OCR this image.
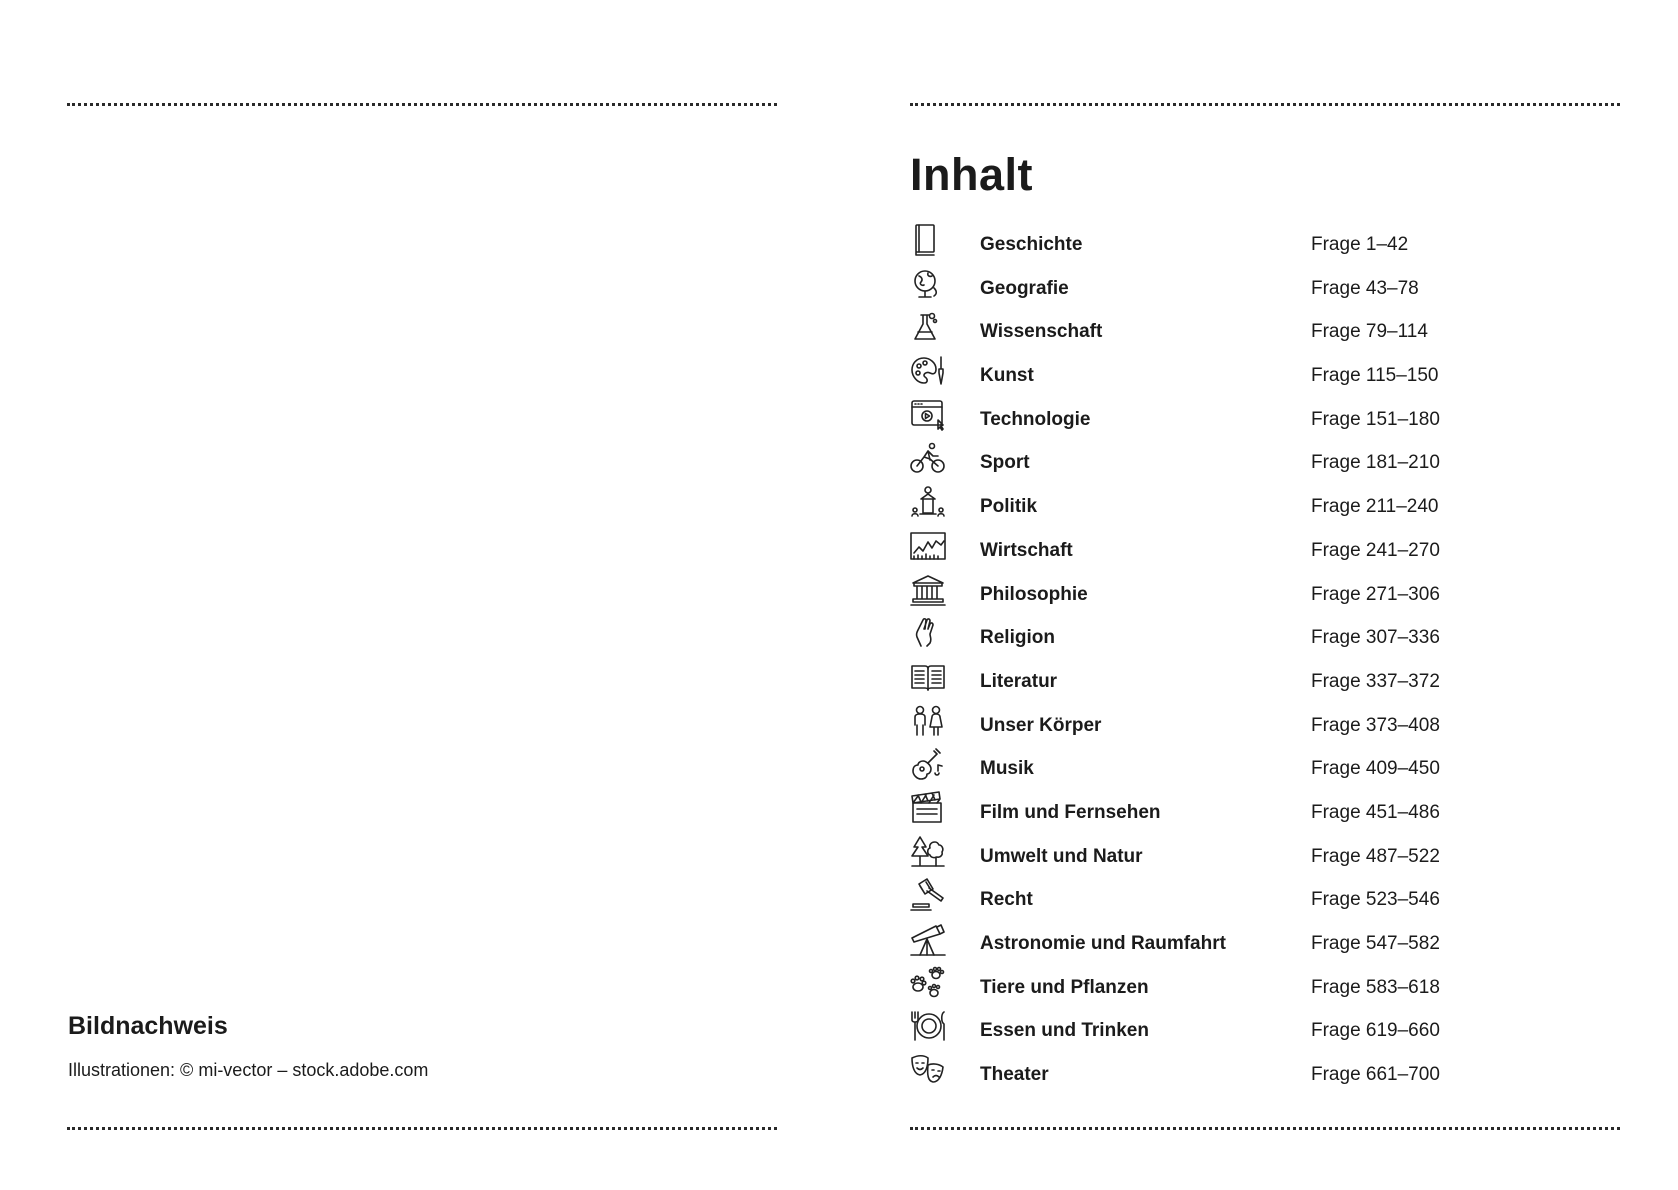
Bildnachweis
Illustrationen: © mi-vector – stock.adobe.com
Inhalt
Geschichte	Frage 1–42
Geografie	Frage 43–78
Wissenschaft	Frage 79–114
Kunst	Frage 115–150
Technologie	Frage 151–180
Sport	Frage 181–210
Politik	Frage 211–240
Wirtschaft	Frage 241–270
Philosophie	Frage 271–306
Religion	Frage 307–336
Literatur	Frage 337–372
Unser Körper	Frage 373–408
Musik	Frage 409–450
Film und Fernsehen	Frage 451–486
Umwelt und Natur	Frage 487–522
Recht	Frage 523–546
Astronomie und Raumfahrt	Frage 547–582
Tiere und Pflanzen	Frage 583–618
Essen und Trinken	Frage 619–660
Theater	Frage 661–700
